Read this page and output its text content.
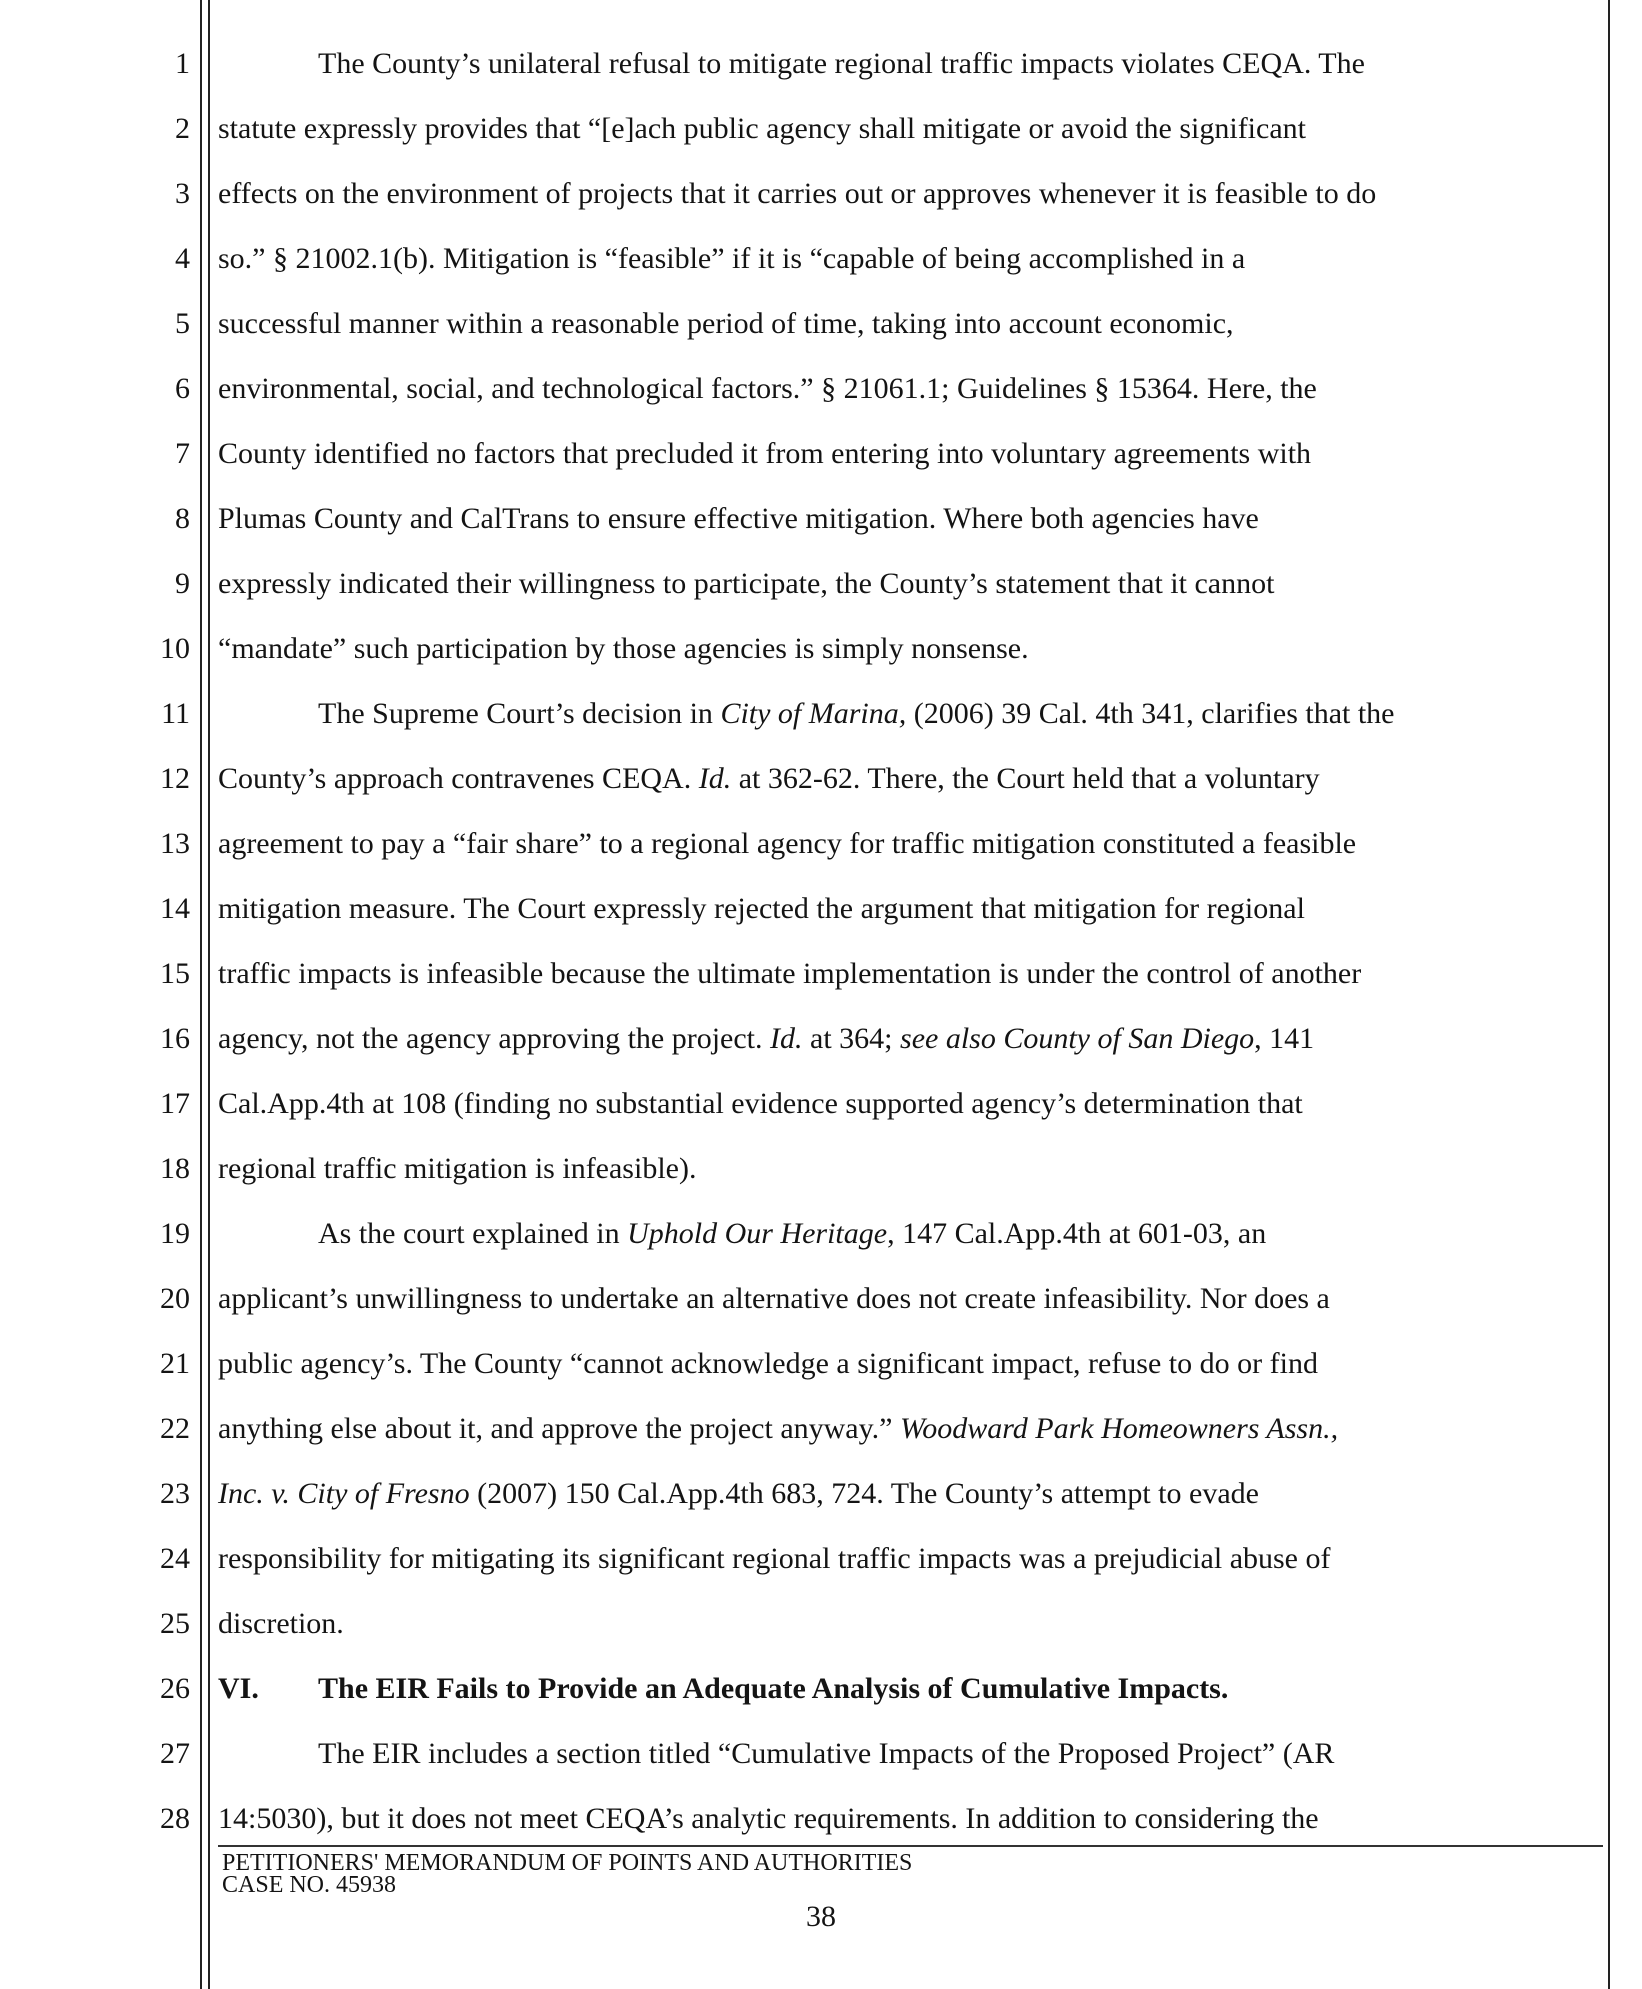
1
2
3
4
5
6
7
8
9
10
11
12
13
14
15
16
17
18
19
20
21
22
23
24
25
26
27
28
The County’s unilateral refusal to mitigate regional traffic impacts violates CEQA. The
statute expressly provides that “[e]ach public agency shall mitigate or avoid the significant
effects on the environment of projects that it carries out or approves whenever it is feasible to do
so.” § 21002.1(b). Mitigation is “feasible” if it is “capable of being accomplished in a
successful manner within a reasonable period of time, taking into account economic,
environmental, social, and technological factors.” § 21061.1; Guidelines § 15364. Here, the
County identified no factors that precluded it from entering into voluntary agreements with
Plumas County and CalTrans to ensure effective mitigation. Where both agencies have
expressly indicated their willingness to participate, the County’s statement that it cannot
“mandate” such participation by those agencies is simply nonsense.
The Supreme Court’s decision in City of Marina, (2006) 39 Cal. 4th 341, clarifies that the
County’s approach contravenes CEQA. Id. at 362-62. There, the Court held that a voluntary
agreement to pay a “fair share” to a regional agency for traffic mitigation constituted a feasible
mitigation measure. The Court expressly rejected the argument that mitigation for regional
traffic impacts is infeasible because the ultimate implementation is under the control of another
agency, not the agency approving the project. Id. at 364; see also County of San Diego, 141
Cal.App.4th at 108 (finding no substantial evidence supported agency’s determination that
regional traffic mitigation is infeasible).
As the court explained in Uphold Our Heritage, 147 Cal.App.4th at 601-03, an
applicant’s unwillingness to undertake an alternative does not create infeasibility. Nor does a
public agency’s. The County “cannot acknowledge a significant impact, refuse to do or find
anything else about it, and approve the project anyway.” Woodward Park Homeowners Assn.,
Inc. v. City of Fresno (2007) 150 Cal.App.4th 683, 724. The County’s attempt to evade
responsibility for mitigating its significant regional traffic impacts was a prejudicial abuse of
discretion.
VI. The EIR Fails to Provide an Adequate Analysis of Cumulative Impacts.
The EIR includes a section titled “Cumulative Impacts of the Proposed Project” (AR
14:5030), but it does not meet CEQA’s analytic requirements. In addition to considering the
PETITIONERS' MEMORANDUM OF POINTS AND AUTHORITIES
CASE NO. 45938
38
